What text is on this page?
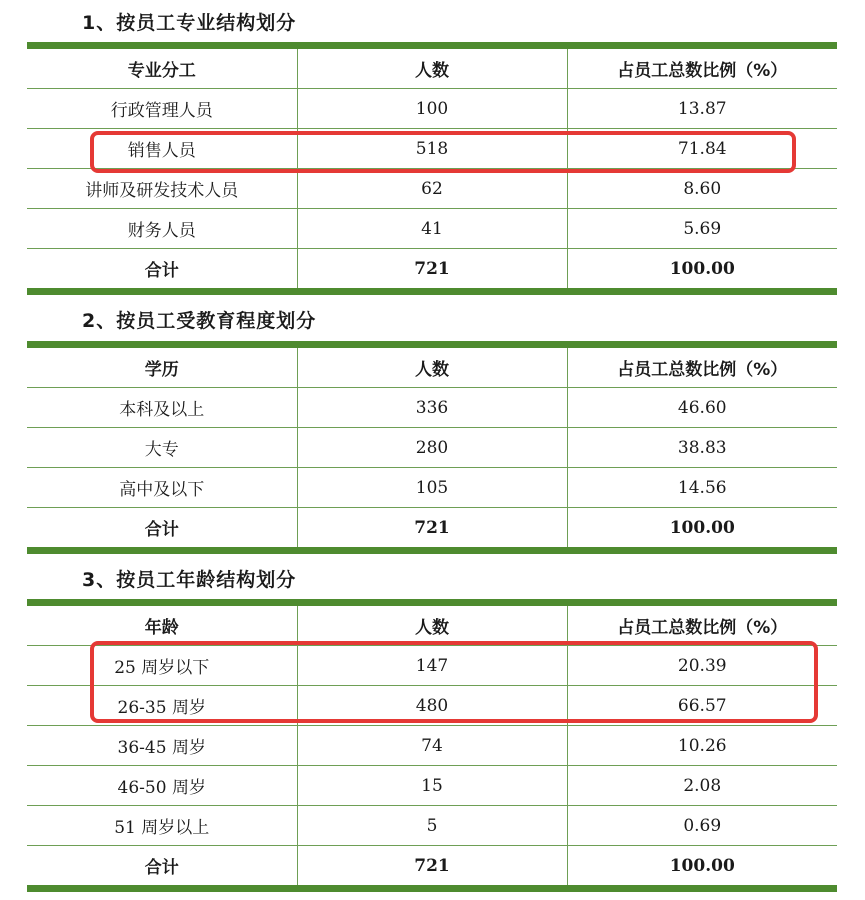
1、按员工专业结构划分
专业分工	人数	占员工总数比例（%）
行政管理人员	100	13.87
销售人员	518	71.84
讲师及研发技术人员	62	8.60
财务人员	41	5.69
合计	721	100.00
2、按员工受教育程度划分
学历	人数	占员工总数比例（%）
本科及以上	336	46.60
大专	280	38.83
高中及以下	105	14.56
合计	721	100.00
3、按员工年龄结构划分
年龄	人数	占员工总数比例（%）
25 周岁以下	147	20.39
26-35 周岁	480	66.57
36-45 周岁	74	10.26
46-50 周岁	15	2.08
51 周岁以上	5	0.69
合计	721	100.00
